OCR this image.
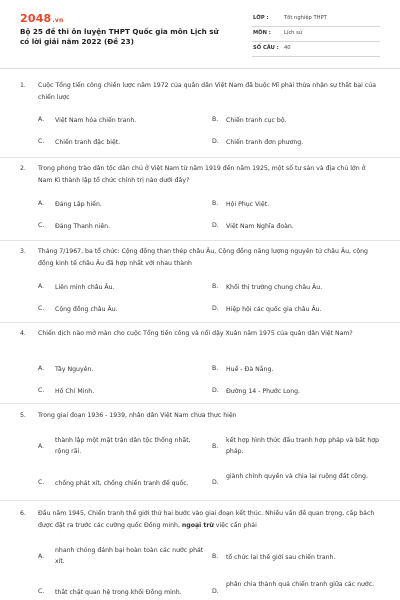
2048.vn
Bộ 25 đề thi ôn luyện THPT Quốc gia môn Lịch sử có lời giải năm 2022 (Đề 23)
LỚP :	Tốt nghiệp THPT
MÔN :	Lịch sử
SỐ CÂU : 40
1. Cuộc Tổng tiến công chiến lược năm 1972 của quân dân Việt Nam đã buộc Mĩ phải thừa nhận sự thất bại của chiến lược
A. Việt Nam hóa chiến tranh.	B. Chiến tranh cục bộ.
C. Chiến tranh đặc biệt.	D. Chiến tranh đơn phương.
2. Trong phong trào dân tộc dân chủ ở Việt Nam từ năm 1919 đến năm 1925, một số tư sản và địa chủ lớn ở Nam Kì thành lập tổ chức chính trị nào dưới đây?
A. Đảng Lập hiến.	B. Hội Phục Việt.
C. Đảng Thanh niên.	D. Việt Nam Nghĩa đoàn.
3. Tháng 7/1967, ba tổ chức: Cộng đồng than thép châu Âu, Cộng đồng năng lượng nguyên tử châu Âu, cộng đồng kinh tế châu Âu đã hợp nhất với nhau thành
A. Liên minh châu Âu.	B. Khối thị trường chung châu Âu.
C. Cộng đồng châu Âu.	D. Hiệp hội các quốc gia châu Âu.
4. Chiến dịch nào mở màn cho cuộc Tổng tiến công và nổi dậy Xuân năm 1975 của quân dân Việt Nam?
A. Tây Nguyên.	B. Huế - Đà Nẵng.
C. Hồ Chí Minh.	D. Đường 14 - Phước Long.
5. Trong giai đoạn 1936 - 1939, nhân dân Việt Nam chưa thực hiện
A.
thành lập một mặt trận dân tộc thống nhất, rộng rãi.
B.
kết hợp hình thức đấu tranh hợp pháp và bất hợp pháp.
C. chống phát xít, chống chiến tranh đế quốc.	D.
giành chính quyền và chia lại ruộng đất công.
6. Đầu năm 1945, Chiến tranh thế giới thứ hai bước vào giai đoạn kết thúc. Nhiều vấn đề quan trọng, cấp bách được đặt ra trước các cường quốc Đồng minh, ngoại trừ việc cần phải
A.
nhanh chóng đánh bại hoàn toàn các nước phát xít.
B. tổ chức lại thế giới sau chiến tranh.
C. thắt chặt quan hệ trong khối Đồng minh.	D.
phân chia thành quả chiến tranh giữa các nước.
